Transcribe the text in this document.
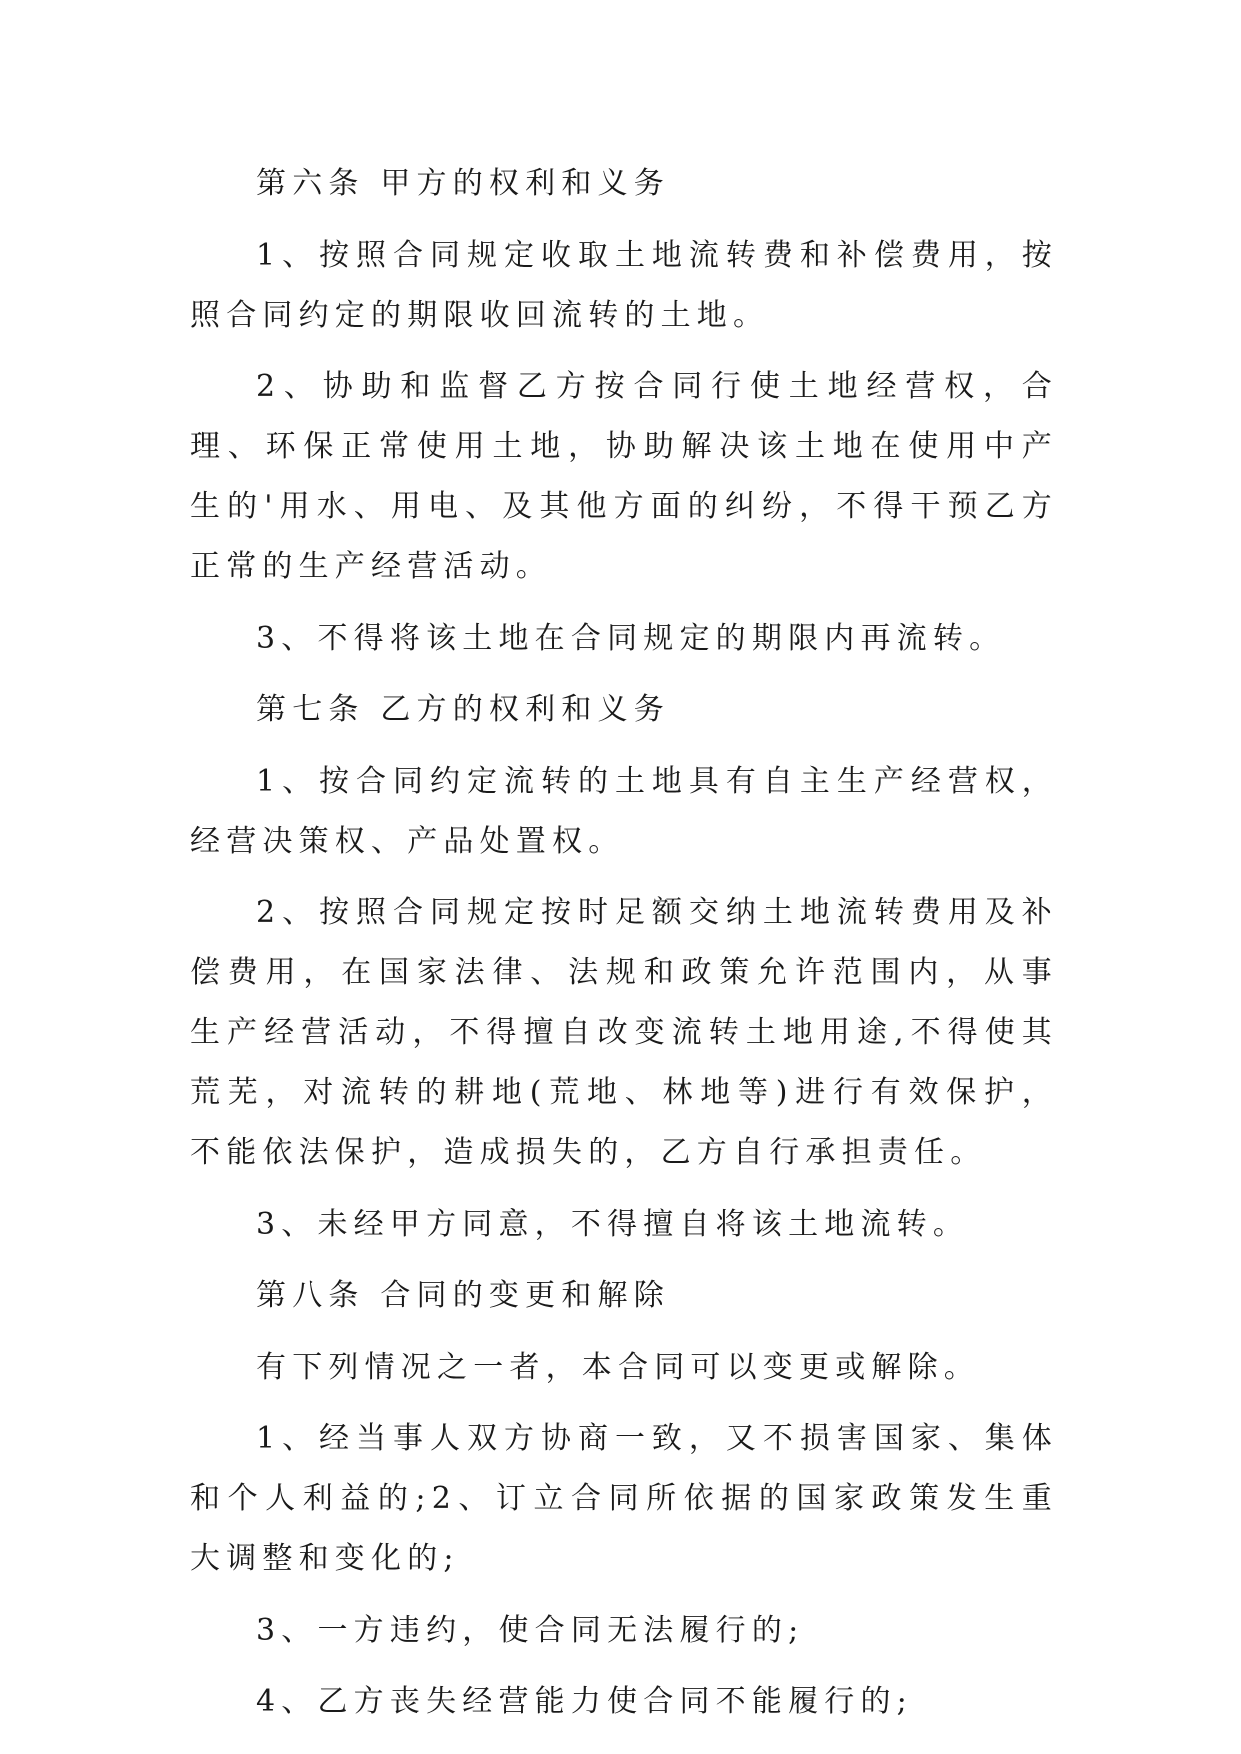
第六条 甲方的权利和义务

1、按照合同规定收取土地流转费和补偿费用，按照合同约定的期限收回流转的土地。

2、协助和监督乙方按合同行使土地经营权，合理、环保正常使用土地，协助解决该土地在使用中产生的'用水、用电、及其他方面的纠纷，不得干预乙方正常的生产经营活动。

3、不得将该土地在合同规定的期限内再流转。

第七条 乙方的权利和义务

1、按合同约定流转的土地具有自主生产经营权，经营决策权、产品处置权。

2、按照合同规定按时足额交纳土地流转费用及补偿费用，在国家法律、法规和政策允许范围内，从事生产经营活动，不得擅自改变流转土地用途,不得使其荒芜，对流转的耕地(荒地、林地等)进行有效保护，不能依法保护，造成损失的，乙方自行承担责任。

3、未经甲方同意，不得擅自将该土地流转。

第八条 合同的变更和解除

有下列情况之一者，本合同可以变更或解除。

1、经当事人双方协商一致，又不损害国家、集体和个人利益的;2、订立合同所依据的国家政策发生重大调整和变化的;

3、一方违约，使合同无法履行的;

4、乙方丧失经营能力使合同不能履行的;
